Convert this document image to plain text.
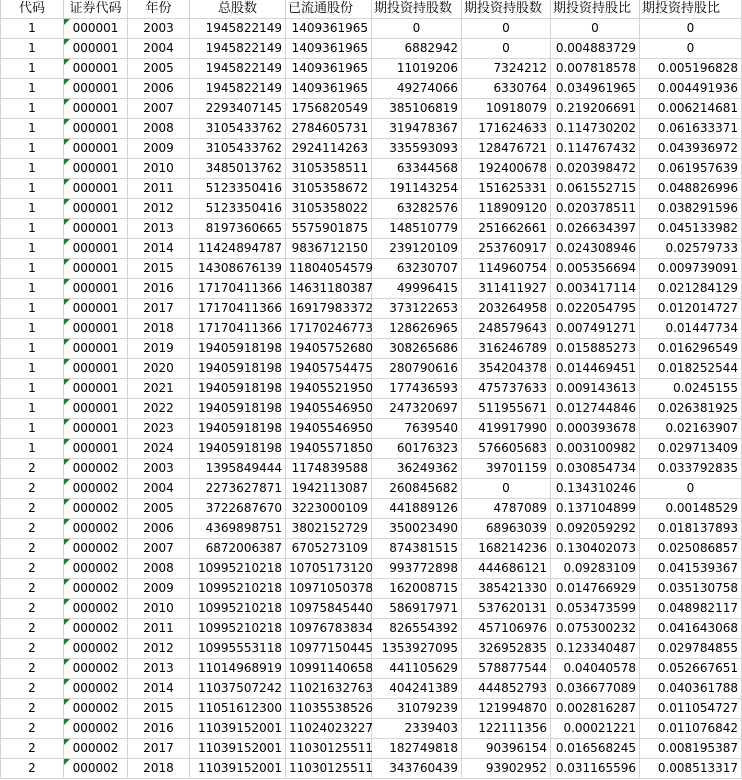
代码	证券代码	年份	总股数	已流通股份	期投资持股数	期投资持股数	期投资持股比	期投资持股比
1	000001	2003	1945822149	1409361965	0	0	0	0
1	000001	2004	1945822149	1409361965	6882942	0	0.004883729	0
1	000001	2005	1945822149	1409361965	11019206	7324212	0.007818578	0.005196828
1	000001	2006	1945822149	1409361965	49274066	6330764	0.034961965	0.004491936
1	000001	2007	2293407145	1756820549	385106819	10918079	0.219206691	0.006214681
1	000001	2008	3105433762	2784605731	319478367	171624633	0.114730202	0.061633371
1	000001	2009	3105433762	2924114263	335593093	128476721	0.114767432	0.043936972
1	000001	2010	3485013762	3105358511	63344568	192400678	0.020398472	0.061957639
1	000001	2011	5123350416	3105358672	191143254	151625331	0.061552715	0.048826996
1	000001	2012	5123350416	3105358022	63282576	118909120	0.020378511	0.038291596
1	000001	2013	8197360665	5575901875	148510779	251662661	0.026634397	0.045133982
1	000001	2014	11424894787	9836712150	239120109	253760917	0.024308946	0.02579733
1	000001	2015	14308676139	11804054579	63230707	114960754	0.005356694	0.009739091
1	000001	2016	17170411366	14631180387	49996415	311411927	0.003417114	0.021284129
1	000001	2017	17170411366	16917983372	373122653	203264958	0.022054795	0.012014727
1	000001	2018	17170411366	17170246773	128626965	248579643	0.007491271	0.01447734
1	000001	2019	19405918198	19405752680	308265686	316246789	0.015885273	0.016296549
1	000001	2020	19405918198	19405754475	280790616	354204378	0.014469451	0.018252544
1	000001	2021	19405918198	19405521950	177436593	475737633	0.009143613	0.0245155
1	000001	2022	19405918198	19405546950	247320697	511955671	0.012744846	0.026381925
1	000001	2023	19405918198	19405546950	7639540	419917990	0.000393678	0.02163907
1	000001	2024	19405918198	19405571850	60176323	576605683	0.003100982	0.029713409
2	000002	2003	1395849444	1174839588	36249362	39701159	0.030854734	0.033792835
2	000002	2004	2273627871	1942113087	260845682	0	0.134310246	0
2	000002	2005	3722687670	3223000109	441889126	4787089	0.137104899	0.00148529
2	000002	2006	4369898751	3802152729	350023490	68963039	0.092059292	0.018137893
2	000002	2007	6872006387	6705273109	874381515	168214236	0.130402073	0.025086857
2	000002	2008	10995210218	10705173120	993772898	444686121	0.09283109	0.041539367
2	000002	2009	10995210218	10971050378	162008715	385421330	0.014766929	0.035130758
2	000002	2010	10995210218	10975845440	586917971	537620131	0.053473599	0.048982117
2	000002	2011	10995210218	10976783834	826554392	457106976	0.075300232	0.041643068
2	000002	2012	10995553118	10977150445	1353927095	326952835	0.123340487	0.029784855
2	000002	2013	11014968919	10991140658	441105629	578877544	0.04040578	0.052667651
2	000002	2014	11037507242	11021632763	404241389	444852793	0.036677089	0.040361788
2	000002	2015	11051612300	11035538526	31079239	121994870	0.002816287	0.011054727
2	000002	2016	11039152001	11024023227	2339403	122111356	0.00021221	0.011076842
2	000002	2017	11039152001	11030125511	182749818	90396154	0.016568245	0.008195387
2	000002	2018	11039152001	11030125511	343760439	93902952	0.031165596	0.008513317
